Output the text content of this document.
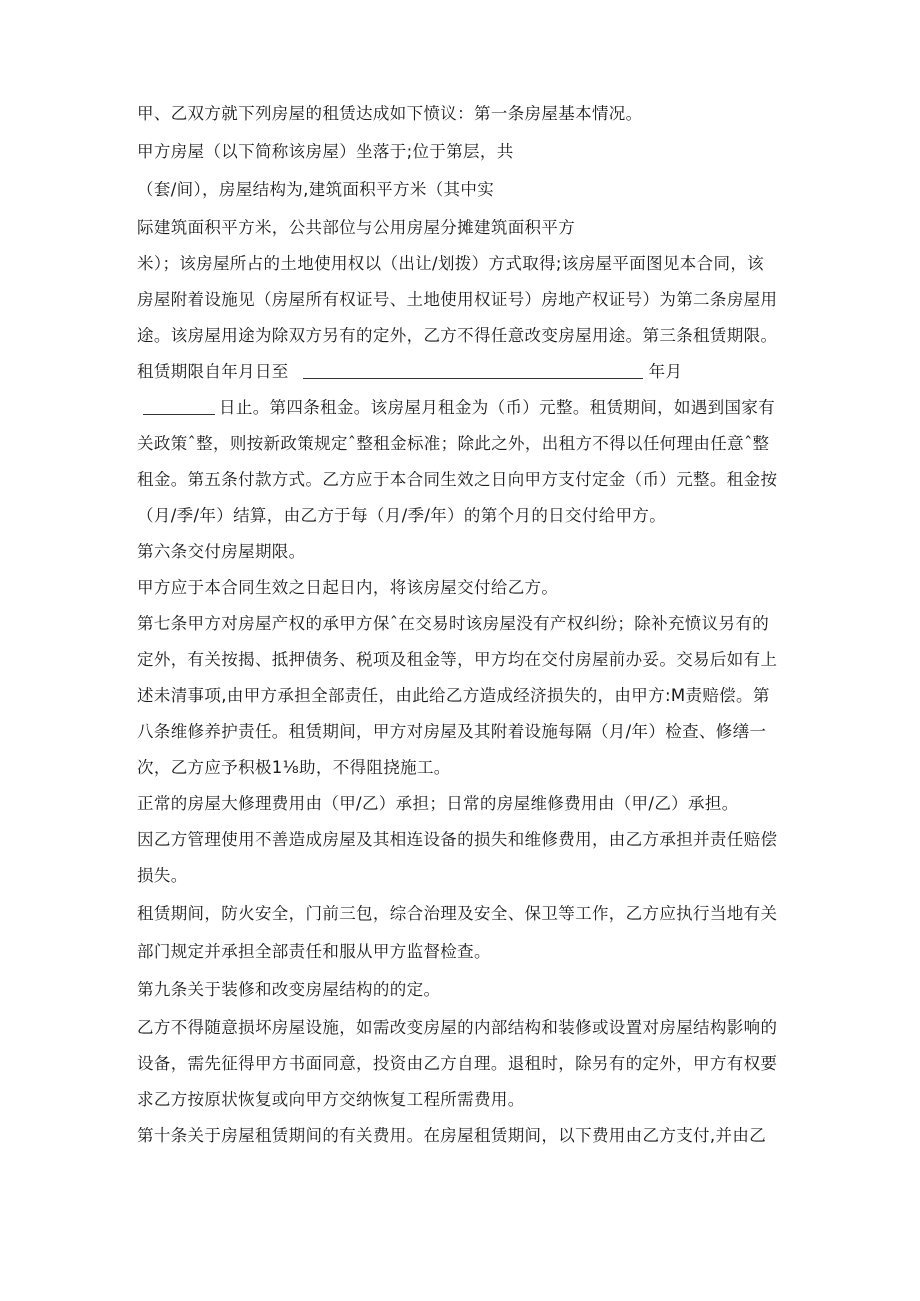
甲、乙双方就下列房屋的租赁达成如下愤议：第一条房屋基本情况。
甲方房屋（以下简称该房屋）坐落于;位于第层，共
（套/间），房屋结构为,建筑面积平方米（其中实
际建筑面积平方米，公共部位与公用房屋分摊建筑面积平方
米）；该房屋所占的土地使用权以（出让/划拨）方式取得;该房屋平面图见本合同，该
房屋附着设施见（房屋所有权证号、土地使用权证号）房地产权证号）为第二条房屋用
途。该房屋用途为除双方另有的定外，乙方不得任意改变房屋用途。第三条租赁期限。
租赁期限自年月日至	年月
日止。第四条租金。该房屋月租金为（币）元整。租赁期间，如遇到国家有
关政策ˆ整，则按新政策规定ˆ整租金标准；除此之外，出租方不得以任何理由任意ˆ整
租金。第五条付款方式。乙方应于本合同生效之日向甲方支付定金（币）元整。租金按
（月/季/年）结算，由乙方于每（月/季/年）的第个月的日交付给甲方。
第六条交付房屋期限。
甲方应于本合同生效之日起日内，将该房屋交付给乙方。
第七条甲方对房屋产权的承甲方保ˆ在交易时该房屋没有产权纠纷；除补充愤议另有的
定外，有关按揭、抵押债务、税项及租金等，甲方均在交付房屋前办妥。交易后如有上
述未清事项,由甲方承担全部责任，由此给乙方造成经济损失的，由甲方:M责赔偿。第
八条维修养护责任。租赁期间，甲方对房屋及其附着设施每隔（月/年）检查、修缮一
次，乙方应予积极1⅛助，不得阻挠施工。
正常的房屋大修理费用由（甲/乙）承担；日常的房屋维修费用由（甲/乙）承担。
因乙方管理使用不善造成房屋及其相连设备的损失和维修费用，由乙方承担并责任赔偿
损失。
租赁期间，防火安全，门前三包，综合治理及安全、保卫等工作，乙方应执行当地有关
部门规定并承担全部责任和服从甲方监督检查。
第九条关于装修和改变房屋结构的的定。
乙方不得随意损坏房屋设施，如需改变房屋的内部结构和装修或设置对房屋结构影响的
设备，需先征得甲方书面同意，投资由乙方自理。退租时，除另有的定外，甲方有权要
求乙方按原状恢复或向甲方交纳恢复工程所需费用。
第十条关于房屋租赁期间的有关费用。在房屋租赁期间，以下费用由乙方支付,并由乙
